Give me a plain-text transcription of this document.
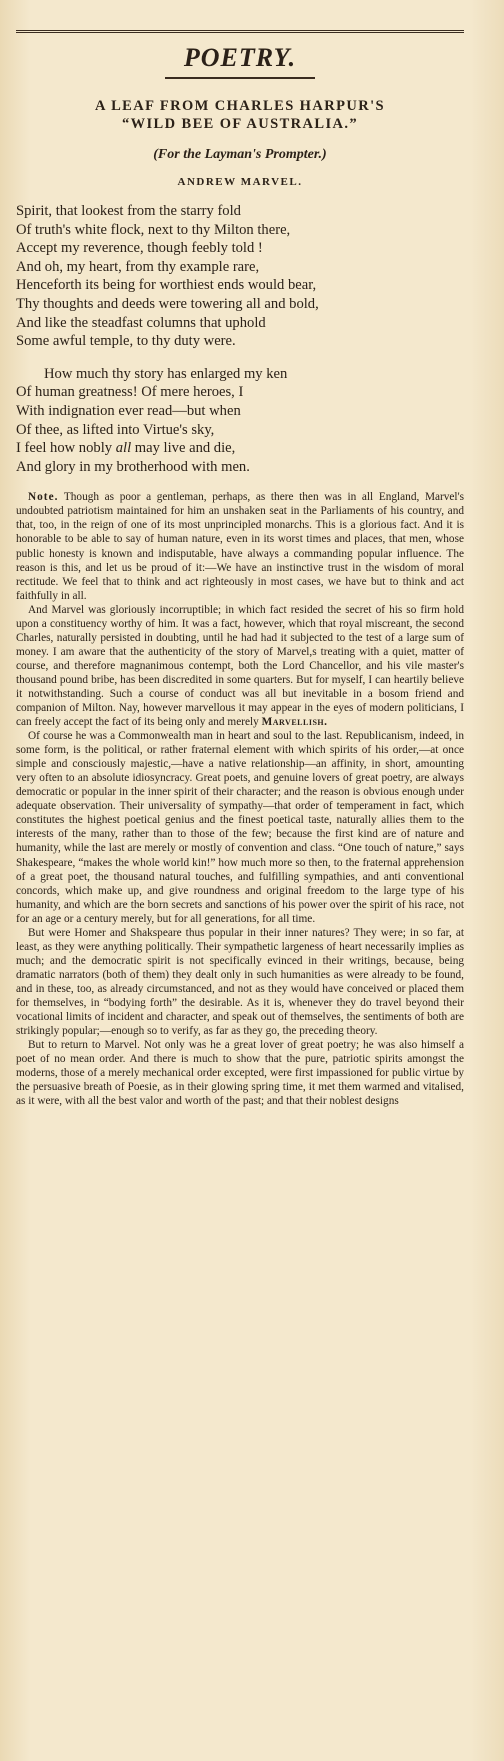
POETRY.
A LEAF FROM CHARLES HARPUR'S
“WILD BEE OF AUSTRALIA.”
(For the Layman's Prompter.)
ANDREW MARVEL.
Spirit, that lookest from the starry fold
Of truth's white flock, next to thy Milton there,
Accept my reverence, though feebly told !
And oh, my heart, from thy example rare,
Henceforth its being for worthiest ends would bear,
Thy thoughts and deeds were towering all and bold,
And like the steadfast columns that uphold
Some awful temple, to thy duty were.
How much thy story has enlarged my ken
Of human greatness! Of mere heroes, I
With indignation ever read—but when
Of thee, as lifted into Virtue's sky,
I feel how nobly all may live and die,
And glory in my brotherhood with men.

Note. Though as poor a gentleman, perhaps, as there then was in all England, Marvel's undoubted patriotism maintained for him an unshaken seat in the Parliaments of his country, and that, too, in the reign of one of its most unprincipled monarchs. This is a glorious fact. And it is honorable to be able to say of human nature, even in its worst times and places, that men, whose public honesty is known and indisputable, have always a commanding popular influence. The reason is this, and let us be proud of it:—We have an instinctive trust in the wisdom of moral rectitude. We feel that to think and act righteously in most cases, we have but to think and act faithfully in all.

And Marvel was gloriously incorruptible; in which fact resided the secret of his so firm hold upon a constituency worthy of him. It was a fact, however, which that royal miscreant, the second Charles, naturally persisted in doubting, until he had had it subjected to the test of a large sum of money. I am aware that the authenticity of the story of Marvel,s treating with a quiet, matter of course, and therefore magnanimous contempt, both the Lord Chancellor, and his vile master's thousand pound bribe, has been discredited in some quarters. But for myself, I can heartily believe it notwithstanding. Such a course of conduct was all but inevitable in a bosom friend and companion of Milton. Nay, however marvellous it may appear in the eyes of modern politicians, I can freely accept the fact of its being only and merely Marvellish.

Of course he was a Commonwealth man in heart and soul to the last. Republicanism, indeed, in some form, is the political, or rather fraternal element with which spirits of his order,—at once simple and consciously majestic,—have a native relationship—an affinity, in short, amounting very often to an absolute idiosyncracy. Great poets, and genuine lovers of great poetry, are always democratic or popular in the inner spirit of their character; and the reason is obvious enough under adequate observation. Their universality of sympathy—that order of temperament in fact, which constitutes the highest poetical genius and the finest poetical taste, naturally allies them to the interests of the many, rather than to those of the few; because the first kind are of nature and humanity, while the last are merely or mostly of convention and class. “One touch of nature,” says Shakespeare, “makes the whole world kin!” how much more so then, to the fraternal apprehension of a great poet, the thousand natural touches, and fulfilling sympathies, and anti conventional concords, which make up, and give roundness and original freedom to the large type of his humanity, and which are the born secrets and sanctions of his power over the spirit of his race, not for an age or a century merely, but for all generations, for all time.

But were Homer and Shakspeare thus popular in their inner natures? They were; in so far, at least, as they were anything politically. Their sympathetic largeness of heart necessarily implies as much; and the democratic spirit is not specifically evinced in their writings, because, being dramatic narrators (both of them) they dealt only in such humanities as were already to be found, and in these, too, as already circumstanced, and not as they would have conceived or placed them for themselves, in “bodying forth” the desirable. As it is, whenever they do travel beyond their vocational limits of incident and character, and speak out of themselves, the sentiments of both are strikingly popular;—enough so to verify, as far as they go, the preceding theory.

But to return to Marvel. Not only was he a great lover of great poetry; he was also himself a poet of no mean order. And there is much to show that the pure, patriotic spirits amongst the moderns, those of a merely mechanical order excepted, were first impassioned for public virtue by the persuasive breath of Poesie, as in their glowing spring time, it met them warmed and vitalised, as it were, with all the best valor and worth of the past; and that their noblest designs
